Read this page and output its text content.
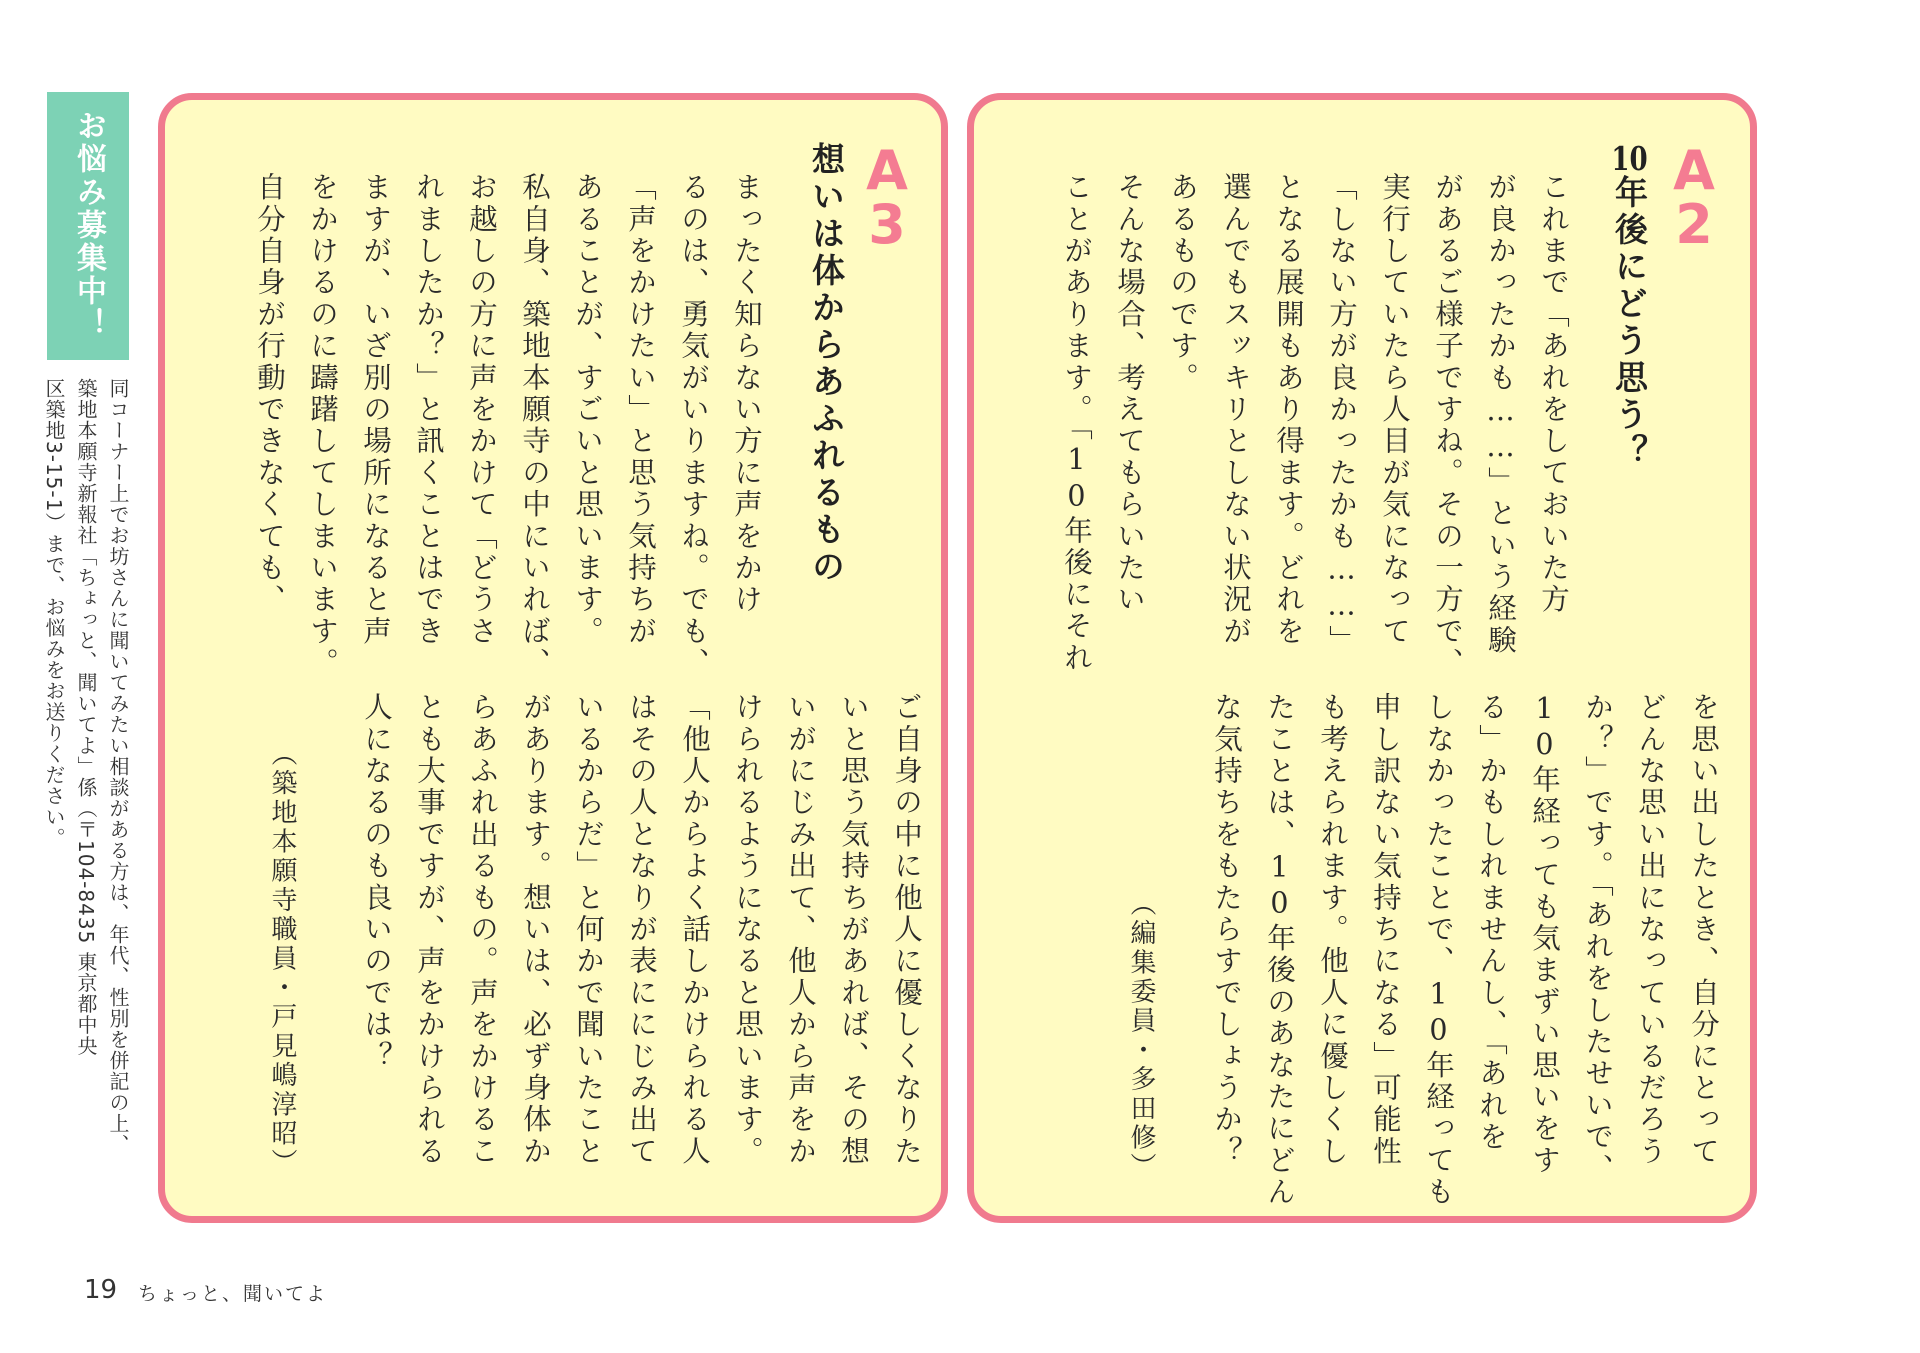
お悩み募集中！
同コーナー上でお坊さんに聞いてみたい相談がある方は、年代、性別を併記の上、
築地本願寺新報社「ちょっと、聞いてよ」係（〒104-8435 東京都中央
区築地3-15-1）まで、お悩みをお送りください。
A
3
想いは体からあふれるもの
まったく知らない方に声をかけ
るのは、勇気がいりますね。でも、
「声をかけたい」と思う気持ちが
あることが、すごいと思います。
私自身、築地本願寺の中にいれば、
お越しの方に声をかけて「どうさ
れましたか？」と訊くことはでき
ますが、いざ別の場所になると声
をかけるのに躊躇してしまいます。
自分自身が行動できなくても、
ご自身の中に他人に優しくなりた
いと思う気持ちがあれば、その想
いがにじみ出て、他人から声をか
けられるようになると思います。
「他人からよく話しかけられる人
はその人となりが表ににじみ出て
いるからだ」と何かで聞いたこと
があります。想いは、必ず身体か
らあふれ出るもの。声をかけるこ
とも大事ですが、声をかけられる
人になるのも良いのでは？
（築地本願寺職員・戸見嶋淳昭）
A
2
10年後にどう思う？
これまで「あれをしておいた方
が良かったかも……」という経験
があるご様子ですね。その一方で、
実行していたら人目が気になって
「しない方が良かったかも……」
となる展開もあり得ます。どれを
選んでもスッキリとしない状況が
あるものです。
そんな場合、考えてもらいたい
ことがあります。「10年後にそれ
を思い出したとき、自分にとって
どんな思い出になっているだろう
か？」です。「あれをしたせいで、
10年経っても気まずい思いをす
る」かもしれませんし、「あれを
しなかったことで、10年経っても
申し訳ない気持ちになる」可能性
も考えられます。他人に優しくし
たことは、10年後のあなたにどん
な気持ちをもたらすでしょうか？
（編集委員・多田修）
19 ちょっと、聞いてよ
